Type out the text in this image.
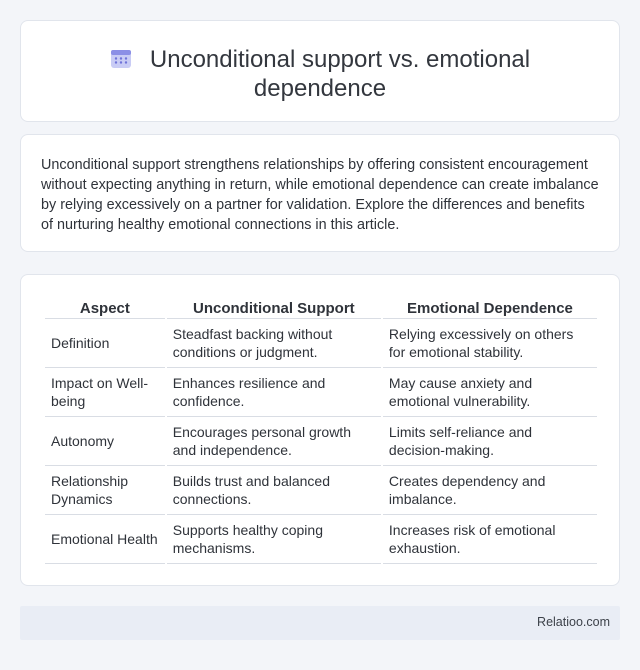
Unconditional support vs. emotional dependence

Unconditional support strengthens relationships by offering consistent encouragement without expecting anything in return, while emotional dependence can create imbalance by relying excessively on a partner for validation. Explore the differences and benefits of nurturing healthy emotional connections in this article.

Aspect	Unconditional Support	Emotional Dependence
Definition	Steadfast backing without conditions or judgment.	Relying excessively on others for emotional stability.
Impact on Well-being	Enhances resilience and confidence.	May cause anxiety and emotional vulnerability.
Autonomy	Encourages personal growth and independence.	Limits self-reliance and decision-making.
Relationship Dynamics	Builds trust and balanced connections.	Creates dependency and imbalance.
Emotional Health	Supports healthy coping mechanisms.	Increases risk of emotional exhaustion.
Relatioo.com
